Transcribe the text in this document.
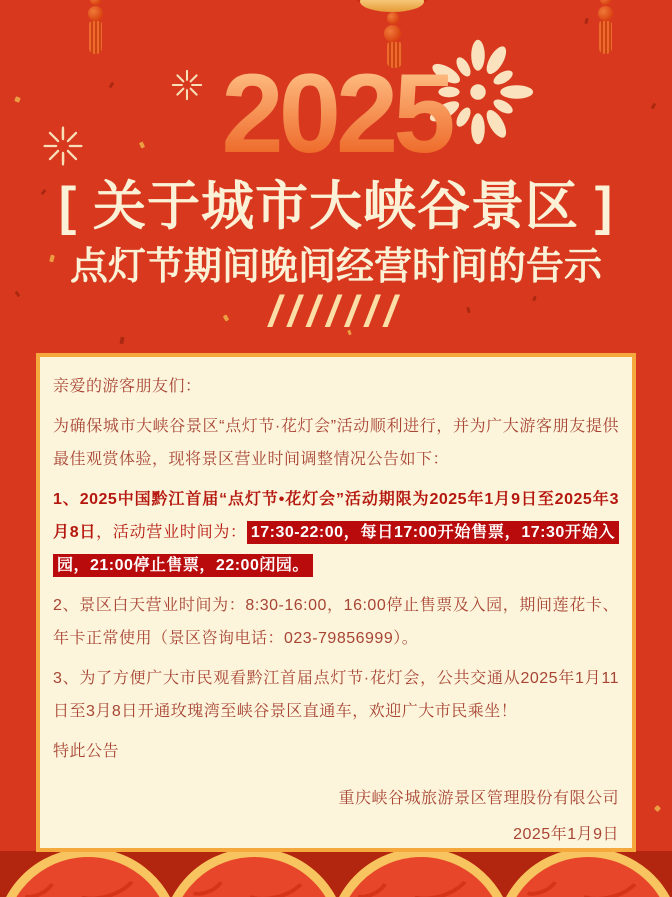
2025
[ 关于城市大峡谷景区 ]
点灯节期间晚间经营时间的告示
///////

亲爱的游客朋友们：

为确保城市大峡谷景区“点灯节·花灯会”活动顺利进行，并为广大游客朋友提供最佳观赏体验，现将景区营业时间调整情况公告如下：

1、2025中国黔江首届“点灯节•花灯会”活动期限为2025年1月9日至2025年3月8日，活动营业时间为： 17:30-22:00，每日17:00开始售票，17:30开始入园，21:00停止售票，22:00闭园。

2、景区白天营业时间为：8:30-16:00，16:00停止售票及入园，期间莲花卡、年卡正常使用（景区咨询电话：023-79856999）。

3、为了方便广大市民观看黔江首届点灯节·花灯会，公共交通从2025年1月11日至3月8日开通玫瑰湾至峡谷景区直通车，欢迎广大市民乘坐！

特此公告

重庆峡谷城旅游景区管理股份有限公司

2025年1月9日
